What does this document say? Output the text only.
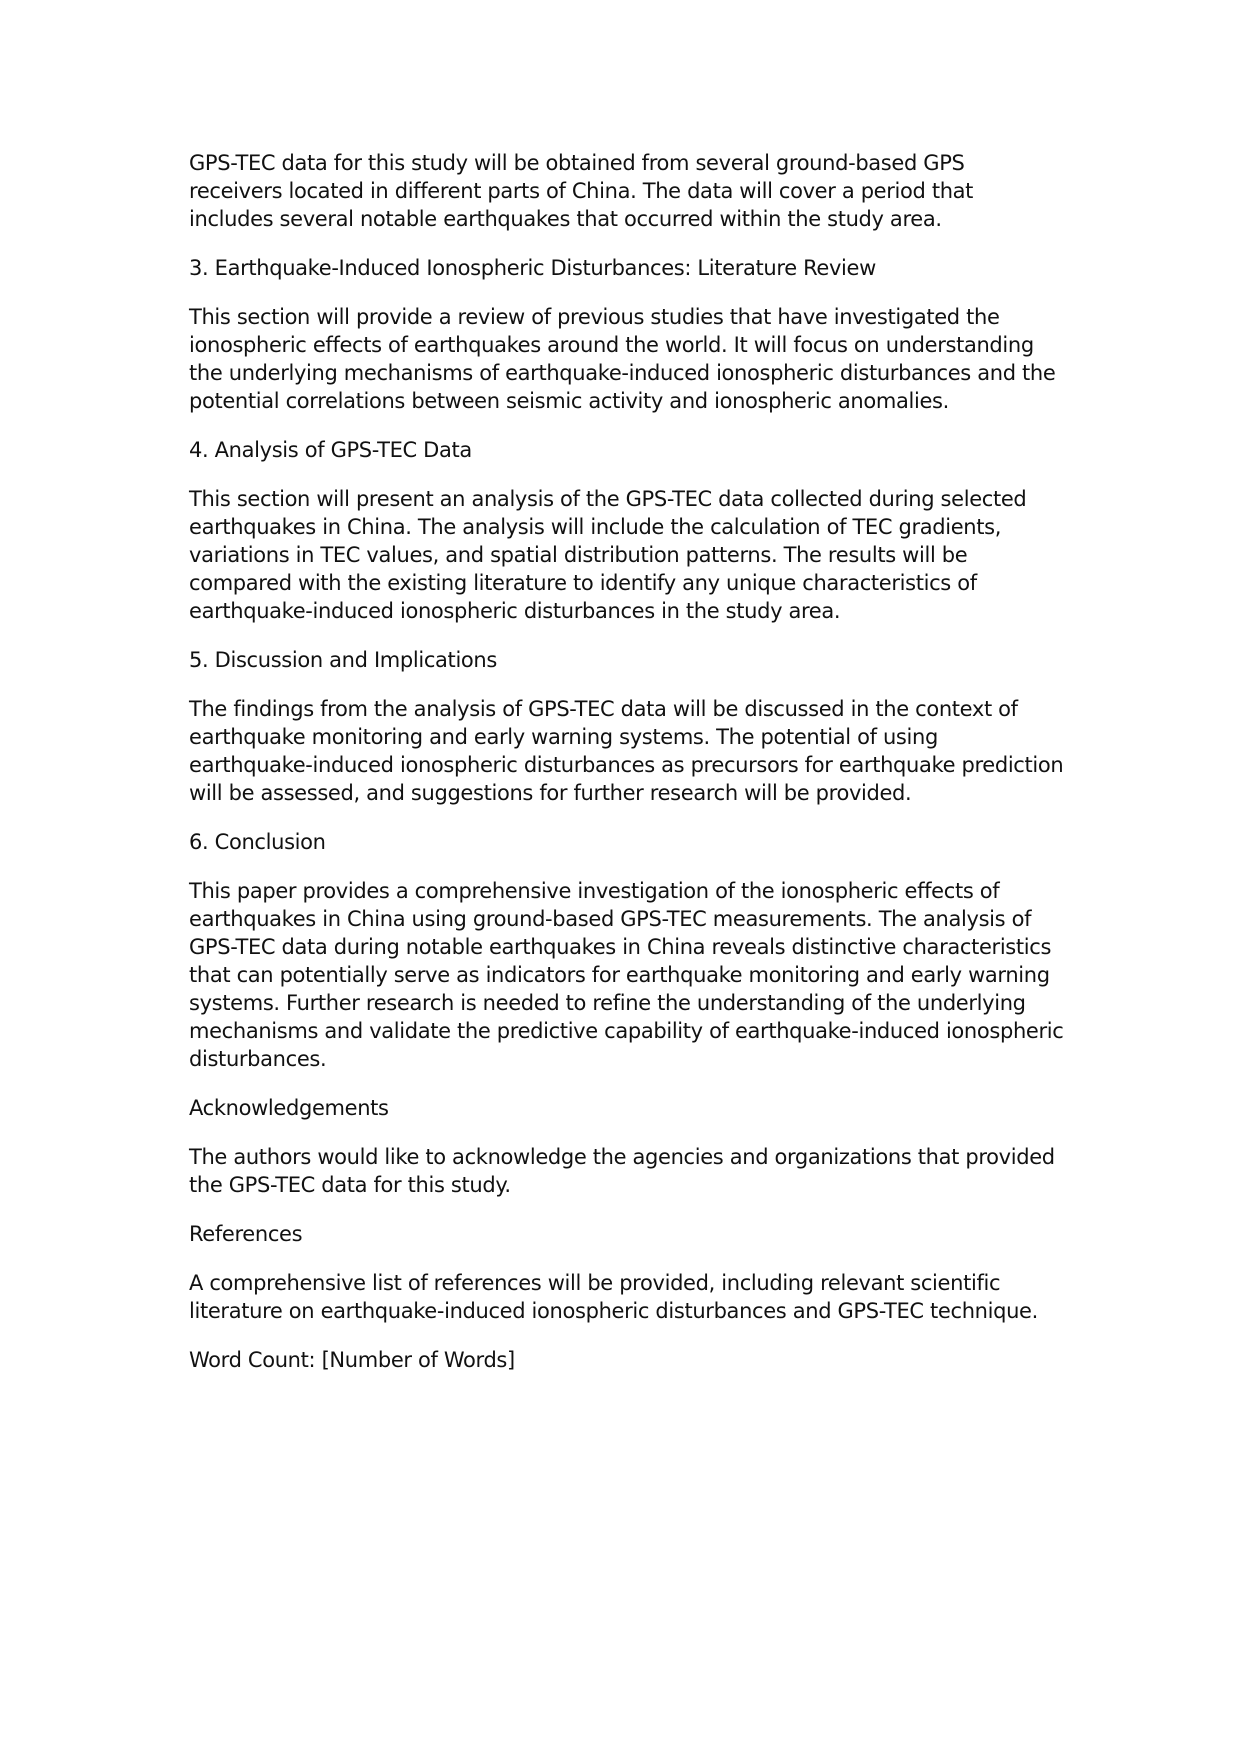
GPS-TEC data for this study will be obtained from several ground-based GPS
receivers located in different parts of China. The data will cover a period that
includes several notable earthquakes that occurred within the study area.
3. Earthquake-Induced Ionospheric Disturbances: Literature Review
This section will provide a review of previous studies that have investigated the
ionospheric effects of earthquakes around the world. It will focus on understanding
the underlying mechanisms of earthquake-induced ionospheric disturbances and the
potential correlations between seismic activity and ionospheric anomalies.
4. Analysis of GPS-TEC Data
This section will present an analysis of the GPS-TEC data collected during selected
earthquakes in China. The analysis will include the calculation of TEC gradients,
variations in TEC values, and spatial distribution patterns. The results will be
compared with the existing literature to identify any unique characteristics of
earthquake-induced ionospheric disturbances in the study area.
5. Discussion and Implications
The findings from the analysis of GPS-TEC data will be discussed in the context of
earthquake monitoring and early warning systems. The potential of using
earthquake-induced ionospheric disturbances as precursors for earthquake prediction
will be assessed, and suggestions for further research will be provided.
6. Conclusion
This paper provides a comprehensive investigation of the ionospheric effects of
earthquakes in China using ground-based GPS-TEC measurements. The analysis of
GPS-TEC data during notable earthquakes in China reveals distinctive characteristics
that can potentially serve as indicators for earthquake monitoring and early warning
systems. Further research is needed to refine the understanding of the underlying
mechanisms and validate the predictive capability of earthquake-induced ionospheric
disturbances.
Acknowledgements
The authors would like to acknowledge the agencies and organizations that provided
the GPS-TEC data for this study.
References
A comprehensive list of references will be provided, including relevant scientific
literature on earthquake-induced ionospheric disturbances and GPS-TEC technique.
Word Count: [Number of Words]
